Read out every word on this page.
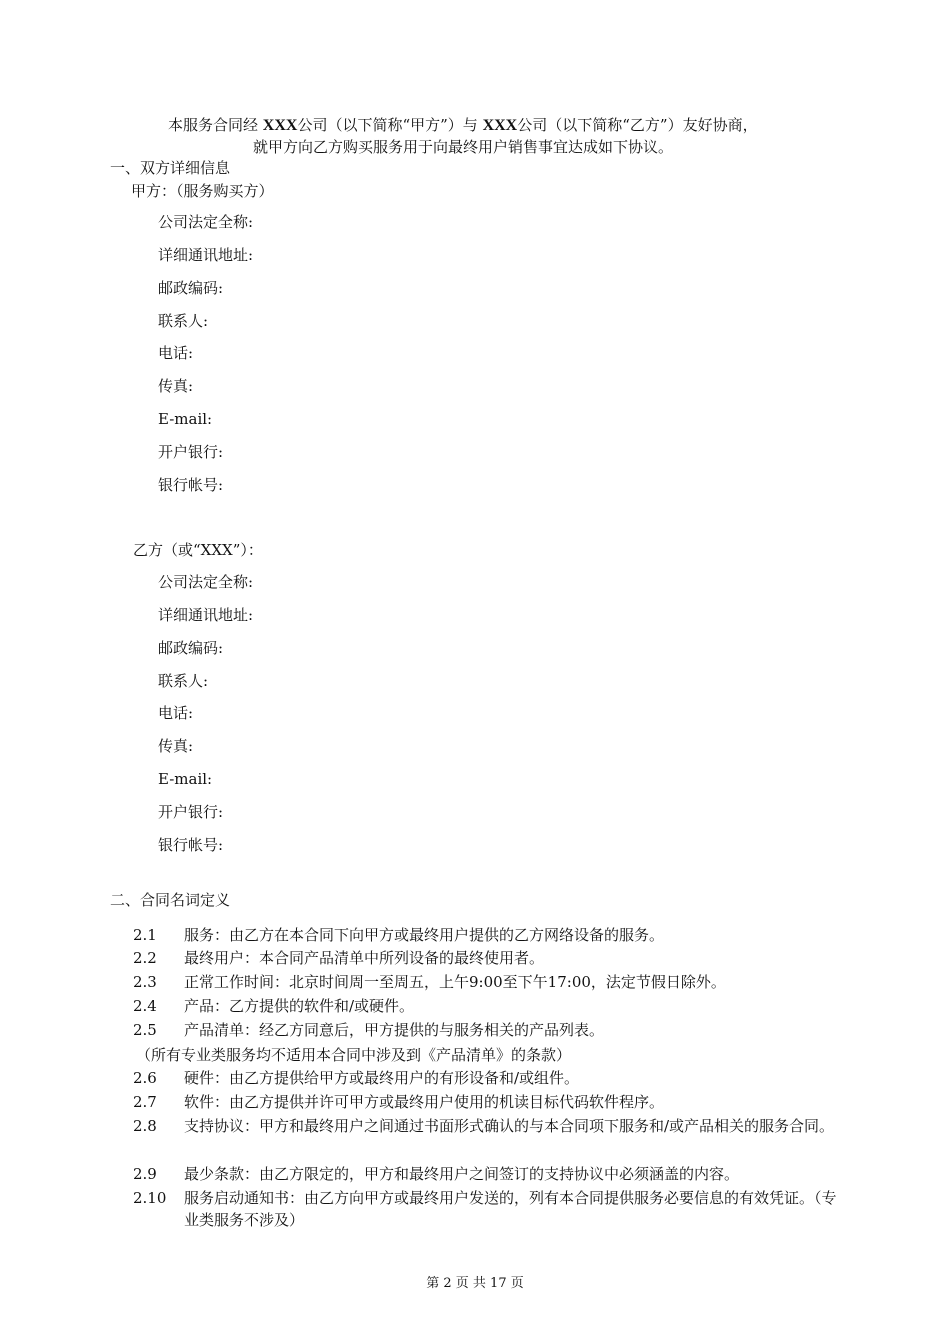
本服务合同经 XXX公司（以下简称“甲方”）与 XXX公司（以下简称“乙方”）友好协商，
就甲方向乙方购买服务用于向最终用户销售事宜达成如下协议。
一、双方详细信息
甲方：（服务购买方）
公司法定全称:
详细通讯地址:
邮政编码:
联系人:
电话:
传真:
E-mail:
开户银行:
银行帐号:
乙方（或“XXX”）：
公司法定全称:
详细通讯地址:
邮政编码:
联系人:
电话:
传真:
E-mail:
开户银行:
银行帐号:
二、合同名词定义
2.1 服务：由乙方在本合同下向甲方或最终用户提供的乙方网络设备的服务。
2.2 最终用户：本合同产品清单中所列设备的最终使用者。
2.3 正常工作时间：北京时间周一至周五，上午9:00至下午17:00，法定节假日除外。
2.4 产品：乙方提供的软件和/或硬件。
2.5 产品清单：经乙方同意后，甲方提供的与服务相关的产品列表。
（所有专业类服务均不适用本合同中涉及到《产品清单》的条款）
2.6 硬件：由乙方提供给甲方或最终用户的有形设备和/或组件。
2.7 软件：由乙方提供并许可甲方或最终用户使用的机读目标代码软件程序。
2.8 支持协议：甲方和最终用户之间通过书面形式确认的与本合同项下服务和/或产品相关的服务合同。
2.9 最少条款：由乙方限定的，甲方和最终用户之间签订的支持协议中必须涵盖的内容。
2.10 服务启动通知书：由乙方向甲方或最终用户发送的，列有本合同提供服务必要信息的有效凭证。（专业类服务不涉及）
第 2 页 共 17 页
